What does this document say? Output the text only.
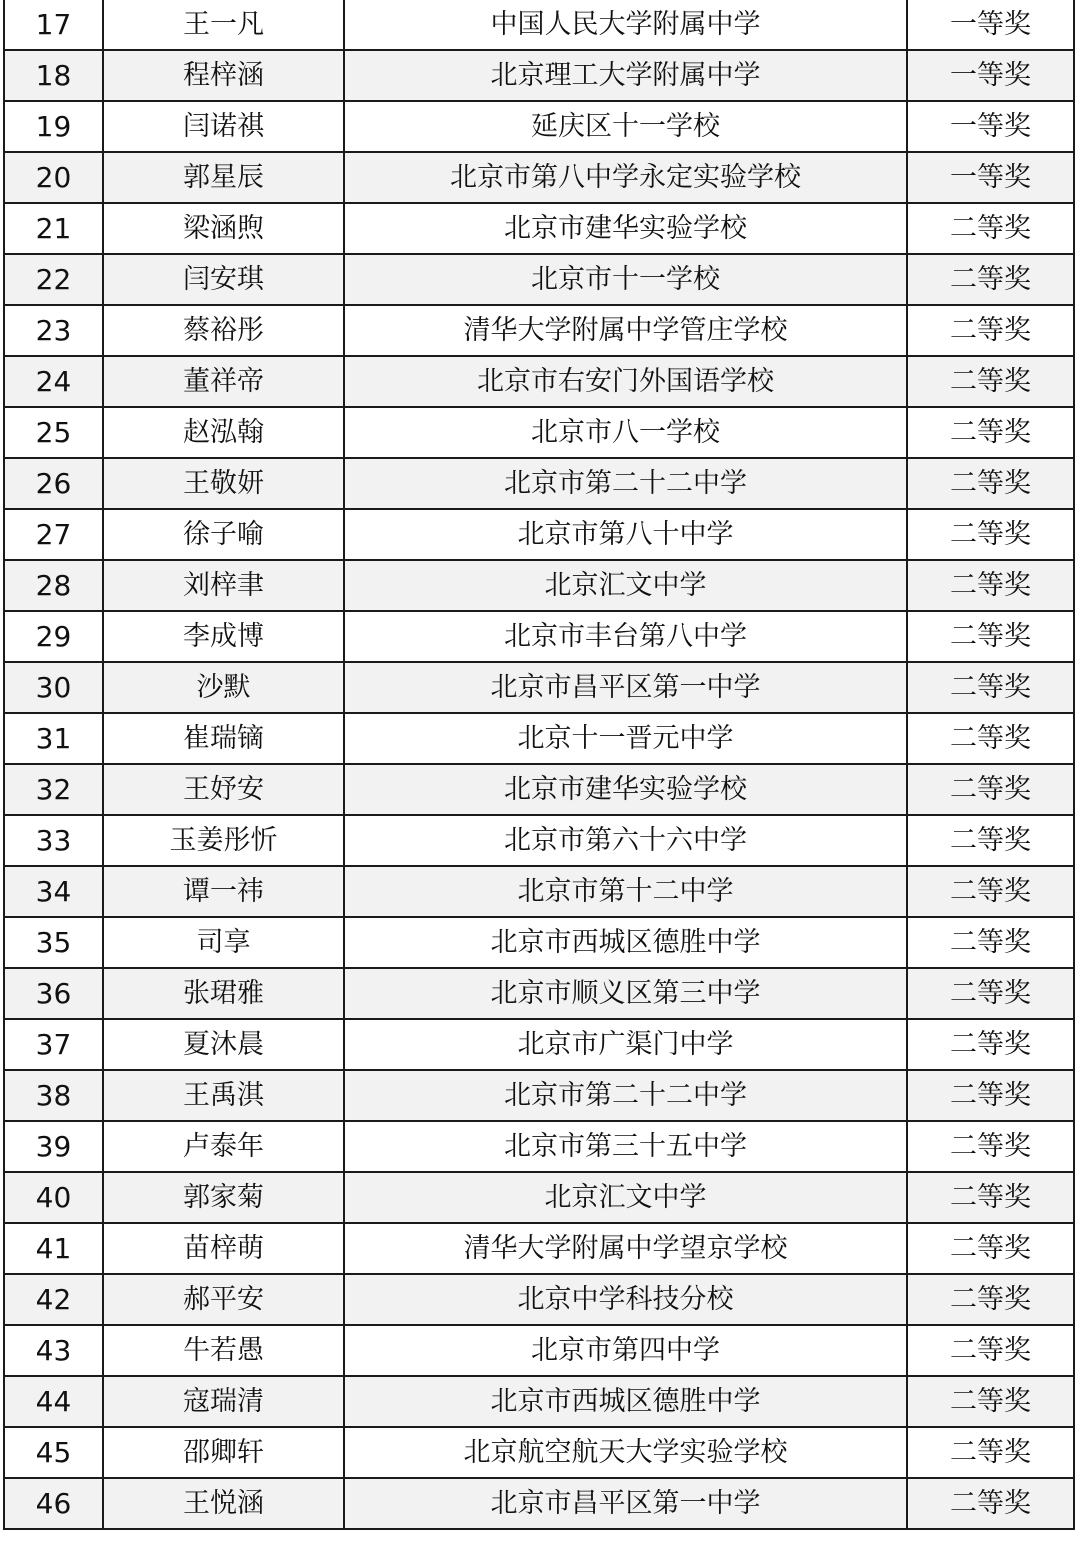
17	王一凡	中国人民大学附属中学	一等奖
18	程梓涵	北京理工大学附属中学	一等奖
19	闫诺祺	延庆区十一学校	一等奖
20	郭星辰	北京市第八中学永定实验学校	一等奖
21	梁涵煦	北京市建华实验学校	二等奖
22	闫安琪	北京市十一学校	二等奖
23	蔡裕彤	清华大学附属中学管庄学校	二等奖
24	董祥帝	北京市右安门外国语学校	二等奖
25	赵泓翰	北京市八一学校	二等奖
26	王敬妍	北京市第二十二中学	二等奖
27	徐子喻	北京市第八十中学	二等奖
28	刘梓聿	北京汇文中学	二等奖
29	李成博	北京市丰台第八中学	二等奖
30	沙默	北京市昌平区第一中学	二等奖
31	崔瑞镝	北京十一晋元中学	二等奖
32	王妤安	北京市建华实验学校	二等奖
33	玉姜彤忻	北京市第六十六中学	二等奖
34	谭一祎	北京市第十二中学	二等奖
35	司享	北京市西城区德胜中学	二等奖
36	张珺雅	北京市顺义区第三中学	二等奖
37	夏沐晨	北京市广渠门中学	二等奖
38	王禹淇	北京市第二十二中学	二等奖
39	卢泰年	北京市第三十五中学	二等奖
40	郭家菊	北京汇文中学	二等奖
41	苗梓萌	清华大学附属中学望京学校	二等奖
42	郝平安	北京中学科技分校	二等奖
43	牛若愚	北京市第四中学	二等奖
44	寇瑞清	北京市西城区德胜中学	二等奖
45	邵卿轩	北京航空航天大学实验学校	二等奖
46	王悦涵	北京市昌平区第一中学	二等奖
